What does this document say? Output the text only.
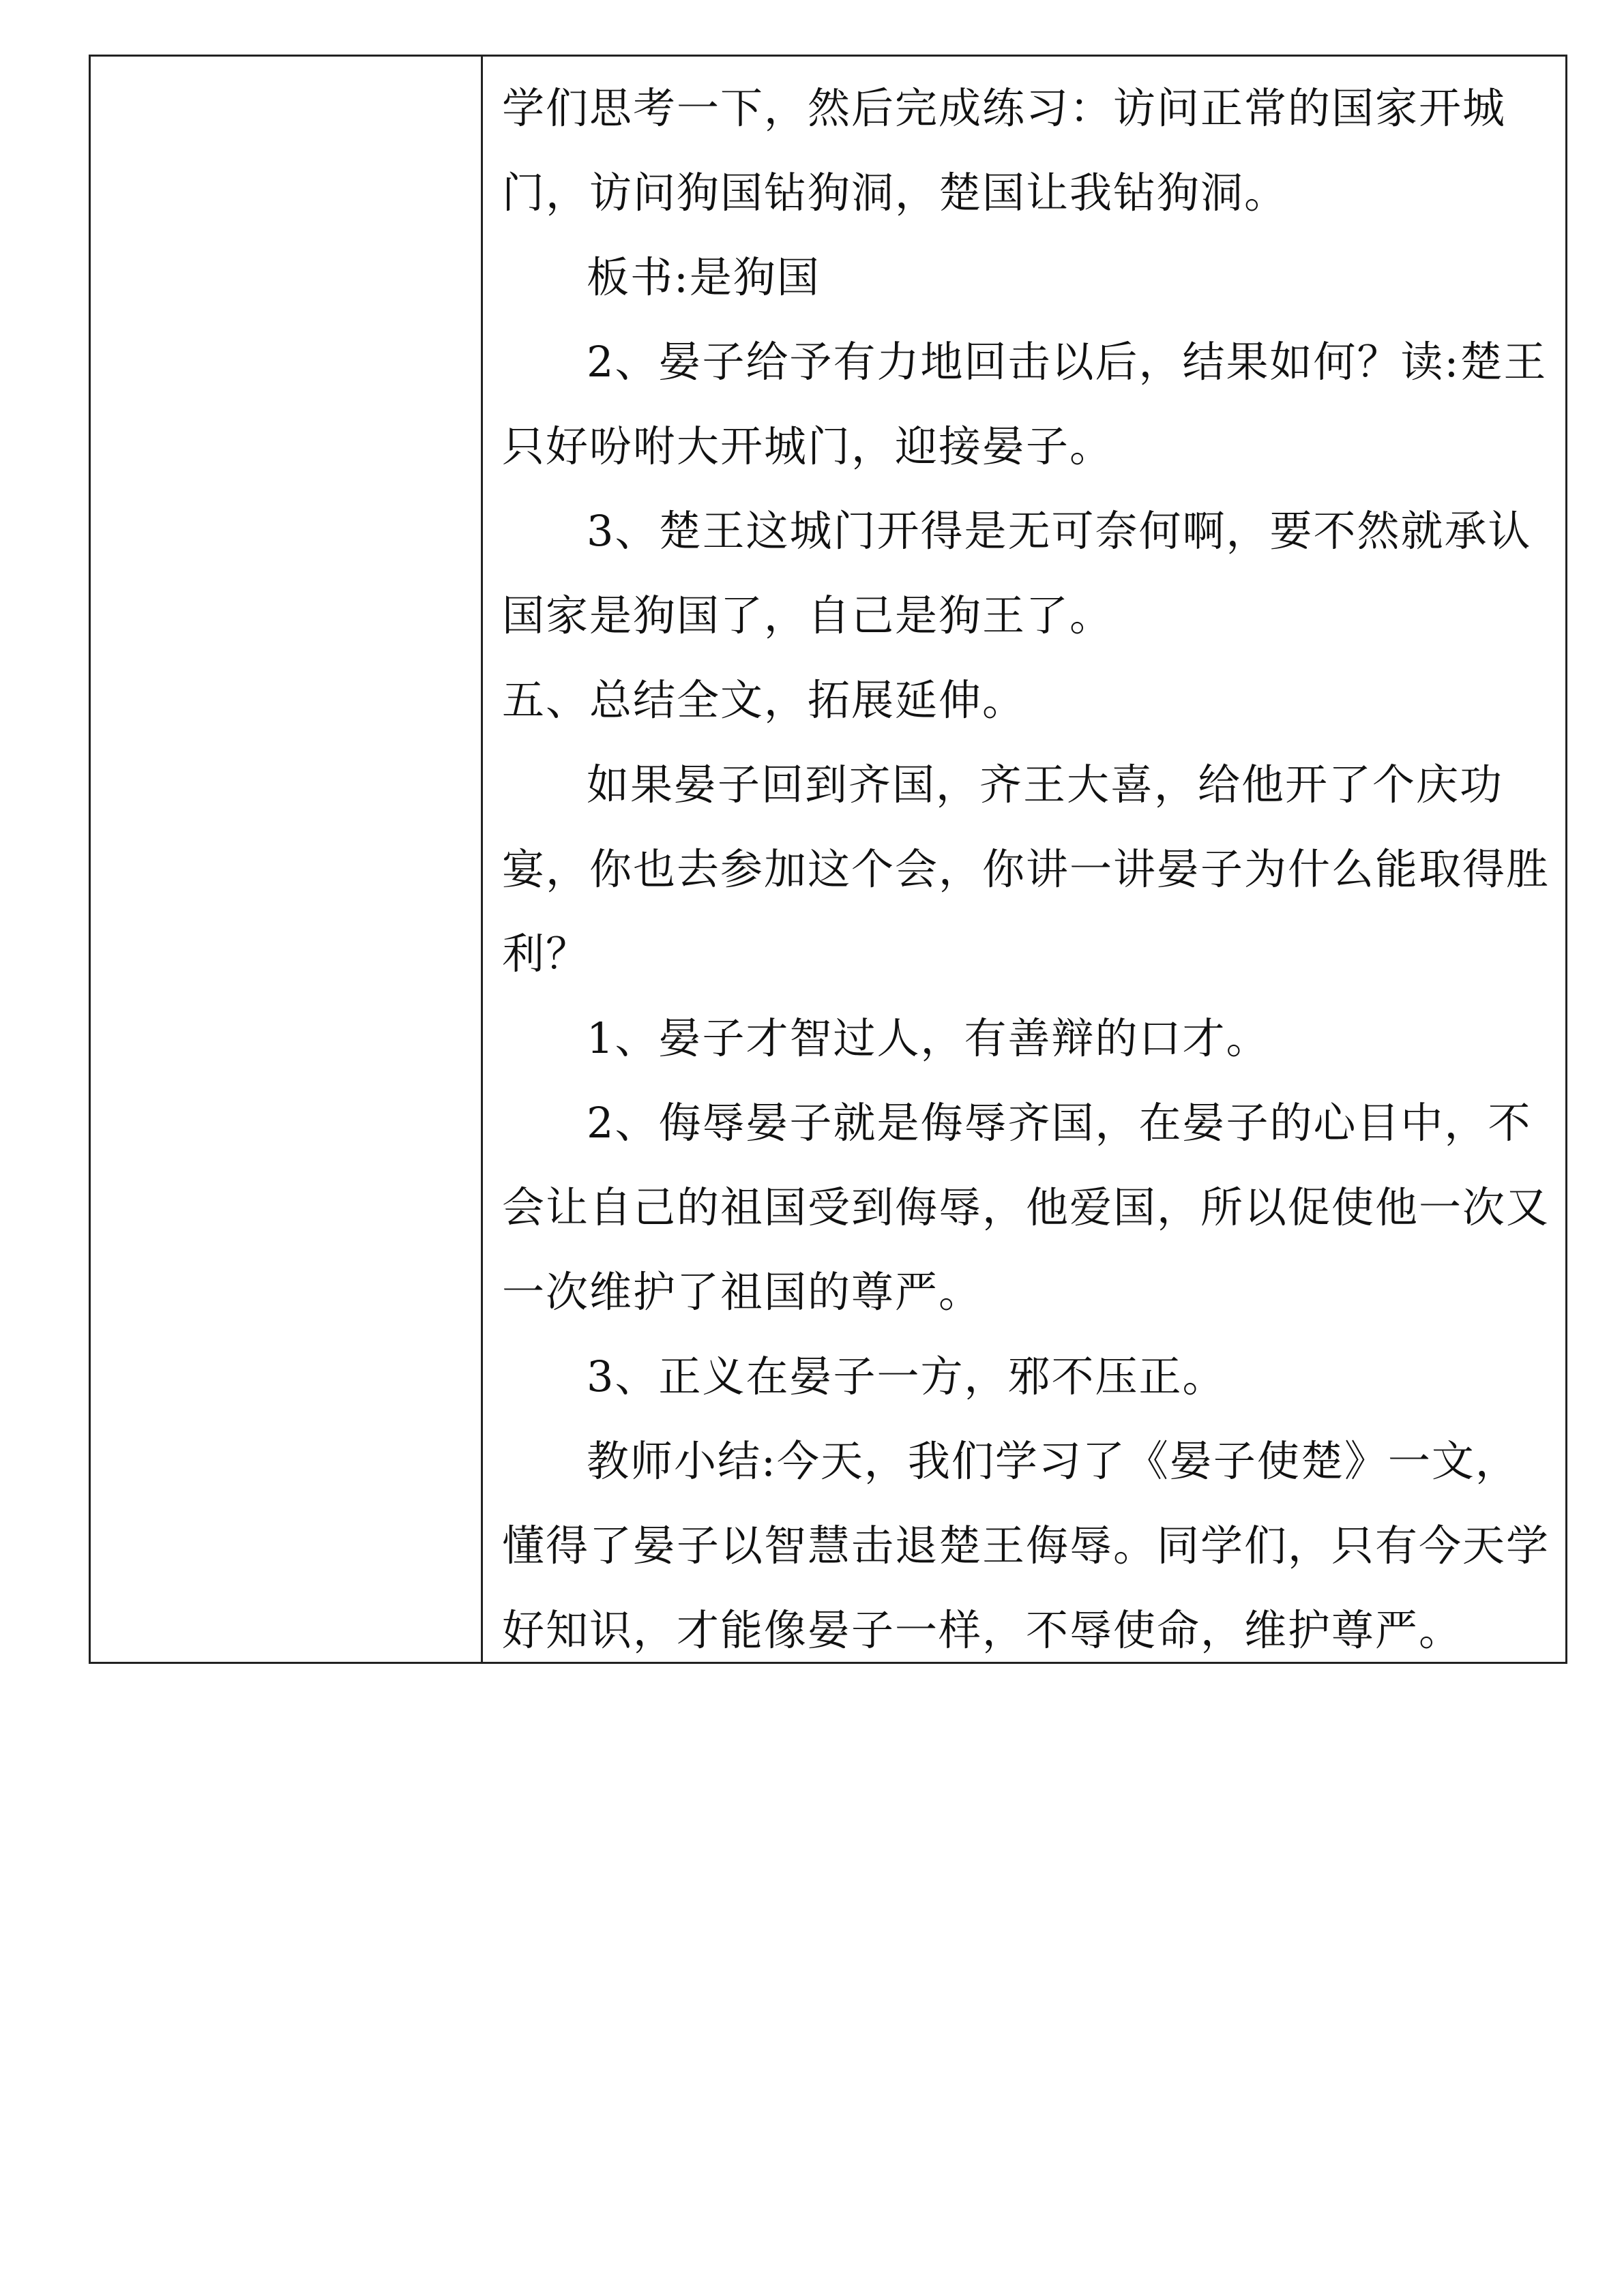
学们思考一下，然后完成练习：访问正常的国家开城
门，访问狗国钻狗洞，楚国让我钻狗洞。
板书:是狗国
2、晏子给予有力地回击以后，结果如何？读:楚王
只好吩咐大开城门，迎接晏子。
3、楚王这城门开得是无可奈何啊，要不然就承认
国家是狗国了，自己是狗王了。
五、总结全文，拓展延伸。
如果晏子回到齐国，齐王大喜，给他开了个庆功
宴，你也去参加这个会，你讲一讲晏子为什么能取得胜
利？
1、晏子才智过人，有善辩的口才。
2、侮辱晏子就是侮辱齐国，在晏子的心目中，不
会让自己的祖国受到侮辱，他爱国，所以促使他一次又
一次维护了祖国的尊严。
3、正义在晏子一方，邪不压正。
教师小结:今天，我们学习了《晏子使楚》一文，
懂得了晏子以智慧击退楚王侮辱。同学们，只有今天学
好知识，才能像晏子一样，不辱使命，维护尊严。
